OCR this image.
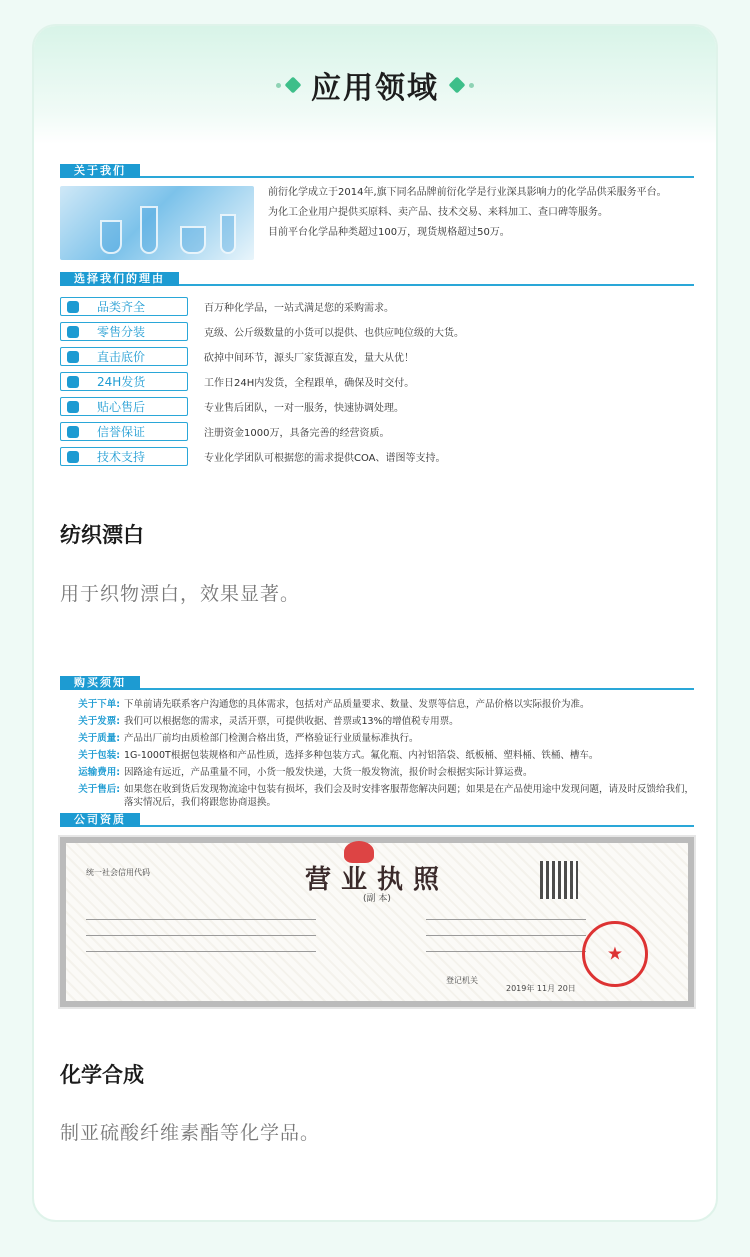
应用领域
关于我们

前衍化学成立于2014年,旗下同名品牌前衍化学是行业深具影响力的化学品供采服务平台。

为化工企业用户提供买原料、卖产品、技术交易、来料加工、查口碑等服务。

目前平台化学品种类超过100万，现货规格超过50万。

选择我们的理由
品类齐全	百万种化学品，一站式满足您的采购需求。
零售分装	克级、公斤级数量的小货可以提供、也供应吨位级的大货。
直击底价	砍掉中间环节，源头厂家货源直发，量大从优！
24H发货	工作日24H内发货，全程跟单，确保及时交付。
贴心售后	专业售后团队，一对一服务，快速协调处理。
信誉保证	注册资金1000万，具备完善的经营资质。
技术支持	专业化学团队可根据您的需求提供COA、谱图等支持。
纺织漂白
用于织物漂白，效果显著。
购买须知
关于下单: 下单前请先联系客户沟通您的具体需求，包括对产品质量要求、数量、发票等信息，产品价格以实际报价为准。
关于发票: 我们可以根据您的需求，灵活开票，可提供收据、普票或13%的增值税专用票。
关于质量: 产品出厂前均由质检部门检测合格出货，严格验证行业质量标准执行。
关于包装: 1G-1000T根据包装规格和产品性质，选择多种包装方式。氟化瓶、内衬铝箔袋、纸板桶、塑料桶、铁桶、槽车。
运输费用: 因路途有远近，产品重量不同，小货一般发快递，大货一般发物流，报价时会根据实际计算运费。
关于售后: 如果您在收到货后发现物流途中包装有损坏，我们会及时安排客服帮您解决问题；如果是在产品使用途中发现问题，请及时反馈给我们，落实情况后，我们将跟您协商退换。
公司资质
营业执照
(副 本)
统一社会信用代码
登记机关
2019年 11月 20日
★
化学合成
制亚硫酸纤维素酯等化学品。
